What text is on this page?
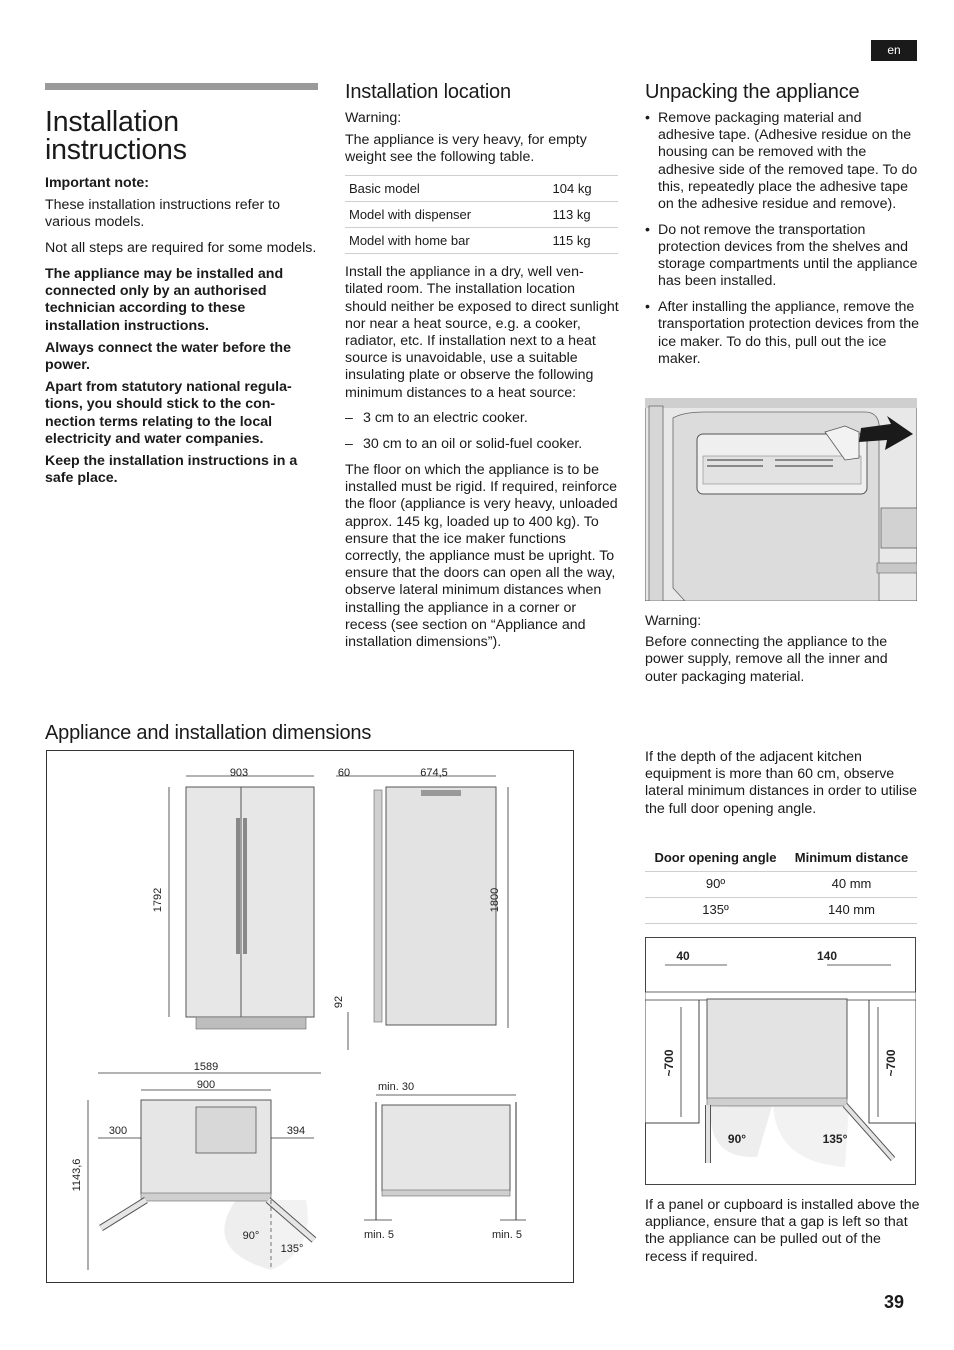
en
Installation instructions

Important note:

These installation instructions refer to various models.

Not all steps are required for some models.

The appliance may be installed and connected only by an authorised technician according to these installation instructions.

Always connect the water before the power.

Apart from statutory national regula-tions, you should stick to the con-nection terms relating to the local electricity and water companies.

Keep the installation instructions in a safe place.

Installation location

Warning:

The appliance is very heavy, for empty weight see the following table.

Basic model	104 kg
Model with dispenser	113 kg
Model with home bar	115 kg

Install the appliance in a dry, well ven-tilated room. The installation location should neither be exposed to direct sunlight nor near a heat source, e.g. a cooker, radiator, etc. If installation next to a heat source is unavoidable, use a suitable insulating plate or observe the following minimum distances to a heat source:

– 3 cm to an electric cooker.
– 30 cm to an oil or solid-fuel cooker.

The floor on which the appliance is to be installed must be rigid. If required, reinforce the floor (appliance is very heavy, unloaded approx. 145 kg, loaded up to 400 kg). To ensure that the ice maker functions correctly, the appliance must be upright. To ensure that the doors can open all the way, observe lateral minimum distances when installing the appliance in a corner or recess (see section on “Appliance and installation dimensions”).

Unpacking the appliance
• Remove packaging material and adhesive tape. (Adhesive residue on the housing can be removed with the adhesive side of the removed tape. To do this, repeatedly place the adhesive tape on the adhesive residue and remove).
• Do not remove the transportation protection devices from the shelves and storage compartments until the appliance has been installed.
• After installing the appliance, remove the transportation protection devices from the ice maker. To do this, pull out the ice maker.

Warning:

Before connecting the appliance to the power supply, remove all the inner and outer packaging material.

Appliance and installation dimensions
903
1792
60	674,5
1800
92
1589
900
300	394
1143,6
90°
135°
min. 30
min. 5	min. 5

If the depth of the adjacent kitchen equipment is more than 60 cm, observe lateral minimum distances in order to utilise the full door opening angle.

Door opening angle	Minimum distance
90º	40 mm
135º	140 mm
40	140
~700	~700
90°	135°

If a panel or cupboard is installed above the appliance, ensure that a gap is left so that the appliance can be pulled out of the recess if required.

39
